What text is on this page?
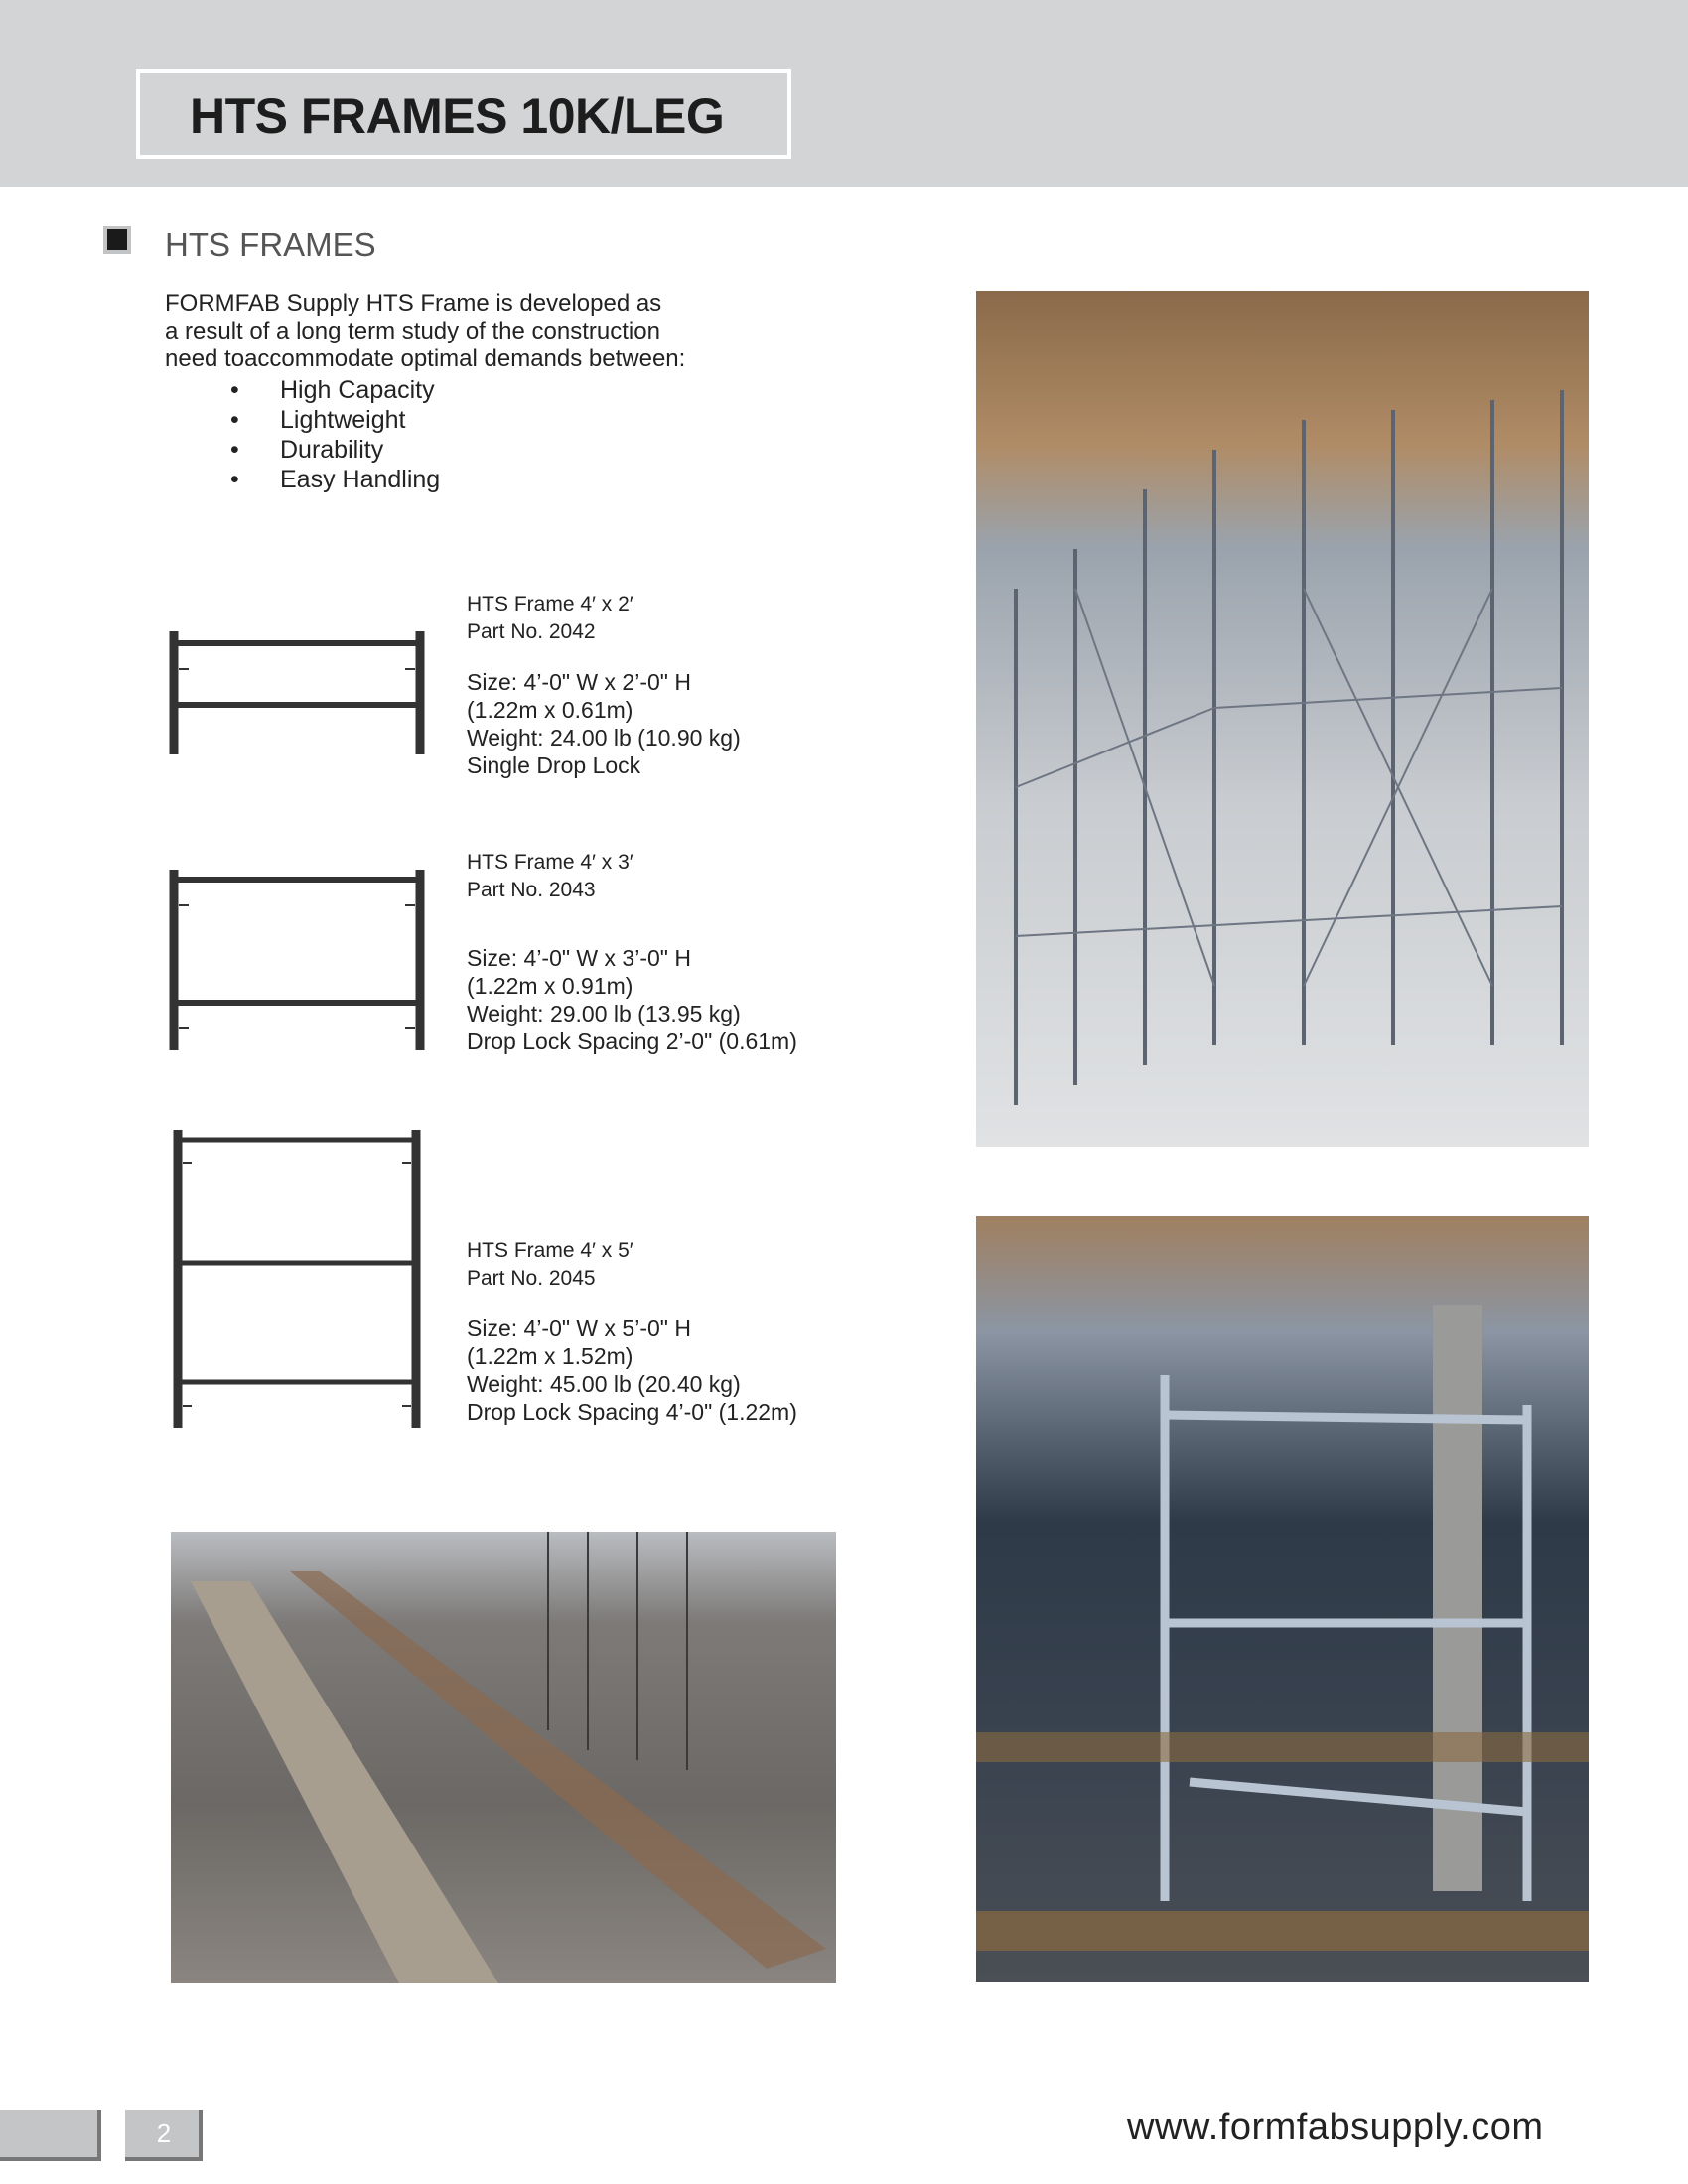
HTS FRAMES 10K/LEG
HTS FRAMES
FORMFAB Supply HTS Frame is developed as
a result of a long term study of the construction
need toaccommodate optimal demands between:
• High Capacity
• Lightweight
• Durability
• Easy Handling
HTS Frame 4′ x 2′
Part No. 2042
Size: 4’-0" W x 2’-0" H
(1.22m x 0.61m)
Weight: 24.00 lb (10.90 kg)
Single Drop Lock
HTS Frame 4′ x 3′
Part No. 2043
Size: 4’-0" W x 3’-0" H
(1.22m x 0.91m)
Weight: 29.00 lb (13.95 kg)
Drop Lock Spacing 2’-0" (0.61m)
HTS Frame 4′ x 5′
Part No. 2045
Size: 4’-0" W x 5’-0" H
(1.22m x 1.52m)
Weight: 45.00 lb (20.40 kg)
Drop Lock Spacing 4’-0" (1.22m)
2	www.formfabsupply.com
